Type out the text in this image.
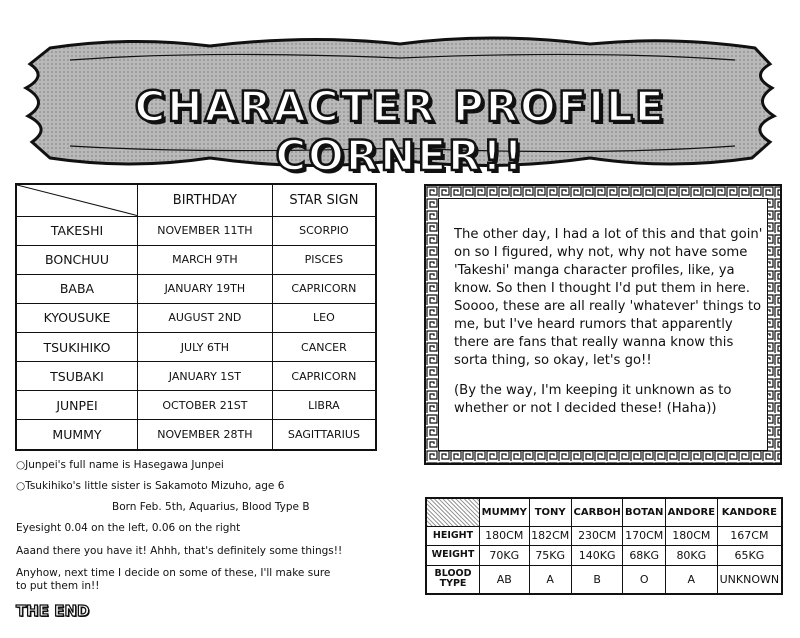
CHARACTER PROFILE CORNER!!
	BIRTHDAY	STAR SIGN
TAKESHI	NOVEMBER 11TH	SCORPIO
BONCHUU	MARCH 9TH	PISCES
BABA	JANUARY 19TH	CAPRICORN
KYOUSUKE	AUGUST 2ND	LEO
TSUKIHIKO	JULY 6TH	CANCER
TSUBAKI	JANUARY 1ST	CAPRICORN
JUNPEI	OCTOBER 21ST	LIBRA
MUMMY	NOVEMBER 28TH	SAGITTARIUS

The other day, I had a lot of this and that goin' on so I figured, why not, why not have some 'Takeshi' manga character profiles, like, ya know. So then I thought I'd put them in here. Soooo, these are all really 'whatever' things to me, but I've heard rumors that apparently there are fans that really wanna know this sorta thing, so okay, let's go!!

(By the way, I'm keeping it unknown as to whether or not I decided these! (Haha))

○Junpei's full name is Hasegawa Junpei
○Tsukihiko's little sister is Sakamoto Mizuho, age 6
Born Feb. 5th, Aquarius, Blood Type B
Eyesight 0.04 on the left, 0.06 on the right
Aaand there you have it! Ahhh, that's definitely some things!!
Anyhow, next time I decide on some of these, I'll make sure
to put them in!!
THE END
	MUMMY	TONY	CARBOH	BOTAN	ANDORE	KANDORE
HEIGHT	180CM	182CM	230CM	170CM	180CM	167CM
WEIGHT	70KG	75KG	140KG	68KG	80KG	65KG
BLOOD
TYPE	AB	A	B	O	A	UNKNOWN
